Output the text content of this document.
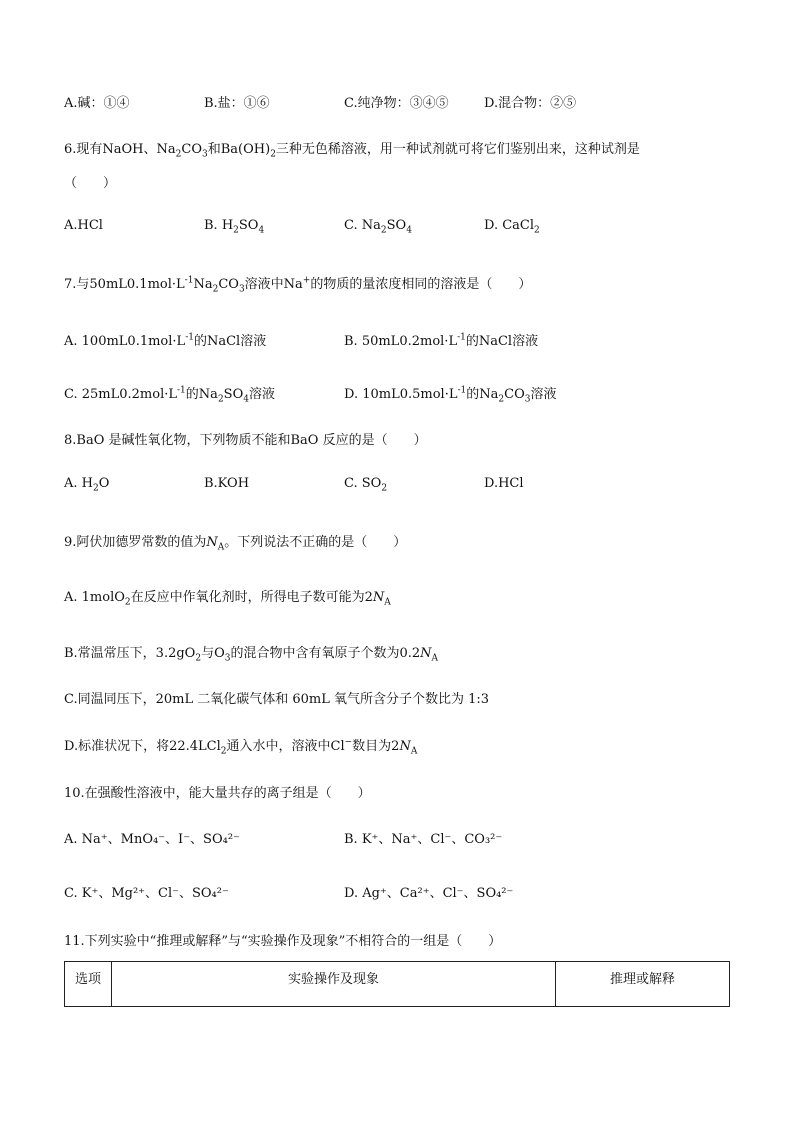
A.碱：①④	B.盐：①⑥	C.纯净物：③④⑤	D.混合物：②⑤
6.现有NaOH、$Na_2CO_3$和$Ba(OH)_2$三种无色稀溶液，用一种试剂就可将它们鉴别出来，这种试剂是
（　　）
A.HCl	B. $H_2SO_4$	C. $Na_2SO_4$	D. CaCl$_2$
7.与$50mL0.1mol\cdot L^{-1}Na_2CO_3$溶液中Na+的物质的量浓度相同的溶液是（　　）
A. $100mL0.1mol\cdot L^{-1}$的NaCl溶液	B. $50mL0.2mol\cdot L^{-1}$的NaCl溶液
C. $25mL0.2mol\cdot L^{-1}$的$Na_2SO_4$溶液	D. $10mL0.5mol\cdot L^{-1}$的$Na_2CO_3$溶液
8.BaO 是碱性氧化物，下列物质不能和BaO 反应的是（　　）
A. $H_2O$	B.KOH	C. $SO_2$	D.HCl
9.阿伏加德罗常数的值为$N_A$。下列说法不正确的是（　　）
A. 1molO$_2$在反应中作氧化剂时，所得电子数可能为$2N_A$
B.常温常压下，$3.2gO_2$与$O_3$的混合物中含有氧原子个数为$0.2N_A$
C.同温同压下，20mL 二氧化碳气体和 60mL 氧气所含分子个数比为 1:3
D.标准状况下，将22.4LCl$_2$通入水中，溶液中Cl−数目为$2N_A$
10.在强酸性溶液中，能大量共存的离子组是（　　）
A. Na⁺、MnO₄⁻、I⁻、SO₄²⁻	B. K⁺、Na⁺、Cl⁻、CO₃²⁻
C. K⁺、Mg²⁺、Cl⁻、SO₄²⁻	D. Ag⁺、Ca²⁺、Cl⁻、SO₄²⁻
11.下列实验中“推理或解释”与“实验操作及现象”不相符合的一组是（　　）
选项	实验操作及现象	推理或解释
